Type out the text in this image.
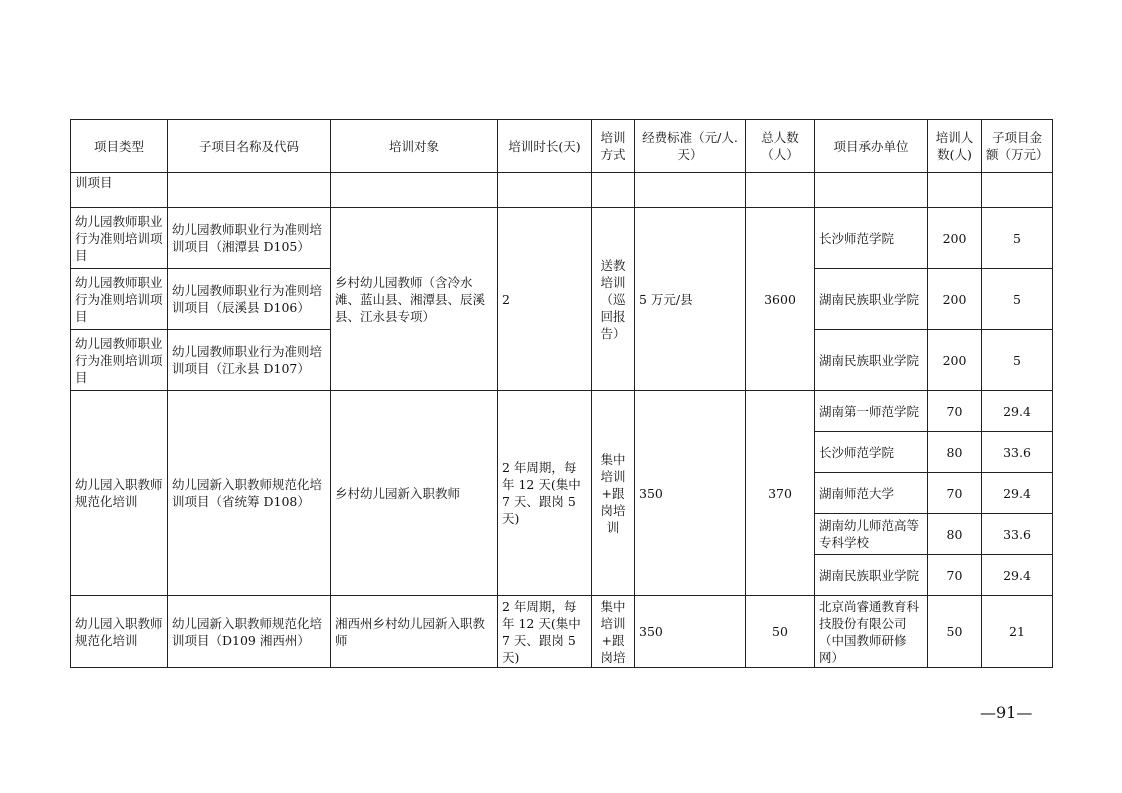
项目类型	子项目名称及代码	培训对象	培训时长(天)	培训方式	经费标准（元/人.天）	总人数（人）	项目承办单位	培训人数(人)	子项目金 额（万元）
训项目									
幼儿园教师职业行为准则培训项目	幼儿园教师职业行为准则培训项目（湘潭县 D105）	乡村幼儿园教师（含冷水滩、蓝山县、湘潭县、辰溪县、江永县专项）	2	送教培训（巡回报告）	5 万元/县	3600	长沙师范学院	200	5
幼儿园教师职业行为准则培训项目	幼儿园教师职业行为准则培训项目（辰溪县 D106）						湖南民族职业学院	200	5
幼儿园教师职业行为准则培训项目	幼儿园教师职业行为准则培训项目（江永县 D107）						湖南民族职业学院	200	5
幼儿园入职教师规范化培训	幼儿园新入职教师规范化培训项目（省统筹 D108）	乡村幼儿园新入职教师	2 年周期，每年 12 天(集中 7 天、跟岗 5 天)	集中培训+跟岗培训	350	370	湖南第一师范学院	70	29.4
							长沙师范学院	80	33.6
							湖南师范大学	70	29.4
							湖南幼儿师范高等专科学校	80	33.6
							湖南民族职业学院	70	29.4
幼儿园入职教师规范化培训	幼儿园新入职教师规范化培训项目（D109 湘西州）	湘西州乡村幼儿园新入职教师	2 年周期，每年 12 天(集中 7 天、跟岗 5 天)	集中培训+跟岗培	350	50	北京尚睿通教育科技股份有限公司（中国教师研修网）	50	21
—91—
